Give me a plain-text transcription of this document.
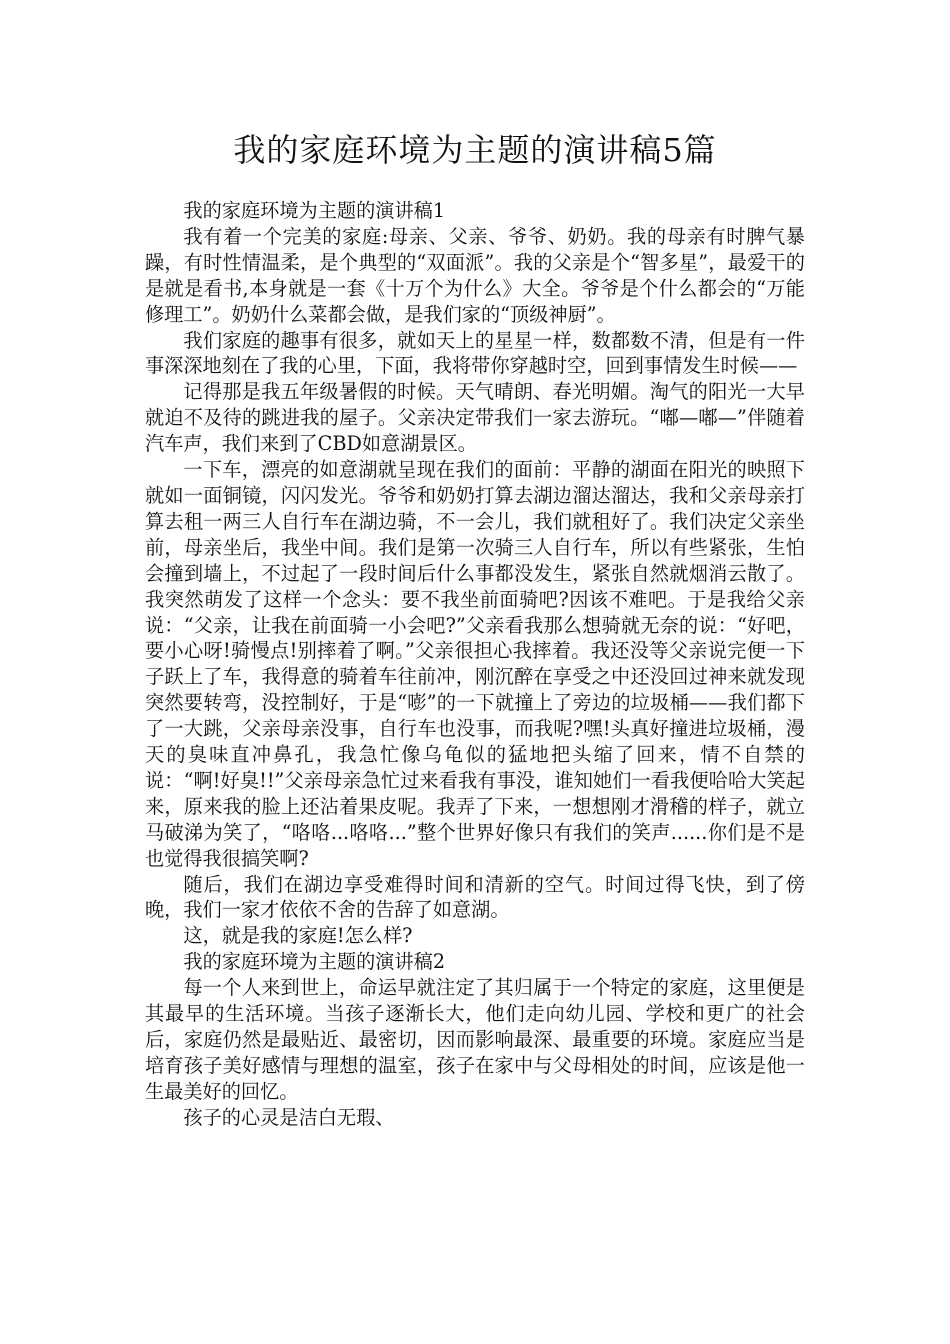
我的家庭环境为主题的演讲稿5篇

我的家庭环境为主题的演讲稿1

我有着一个完美的家庭:母亲、父亲、爷爷、奶奶。我的母亲有时脾气暴躁，有时性情温柔，是个典型的“双面派”。我的父亲是个“智多星”，最爱干的是就是看书,本身就是一套《十万个为什么》大全。爷爷是个什么都会的“万能修理工”。奶奶什么菜都会做，是我们家的“顶级神厨”。

我们家庭的趣事有很多，就如天上的星星一样，数都数不清，但是有一件事深深地刻在了我的心里，下面，我将带你穿越时空，回到事情发生时候——

记得那是我五年级暑假的时候。天气晴朗、春光明媚。淘气的阳光一大早就迫不及待的跳进我的屋子。父亲决定带我们一家去游玩。“嘟—嘟—”伴随着汽车声，我们来到了CBD如意湖景区。

一下车，漂亮的如意湖就呈现在我们的面前：平静的湖面在阳光的映照下就如一面铜镜，闪闪发光。爷爷和奶奶打算去湖边溜达溜达，我和父亲母亲打算去租一两三人自行车在湖边骑，不一会儿，我们就租好了。我们决定父亲坐前，母亲坐后，我坐中间。我们是第一次骑三人自行车，所以有些紧张，生怕会撞到墙上，不过起了一段时间后什么事都没发生，紧张自然就烟消云散了。我突然萌发了这样一个念头：要不我坐前面骑吧?因该不难吧。于是我给父亲说：“父亲，让我在前面骑一小会吧?”父亲看我那么想骑就无奈的说：“好吧，要小心呀!骑慢点!别摔着了啊。”父亲很担心我摔着。我还没等父亲说完便一下子跃上了车，我得意的骑着车往前冲，刚沉醉在享受之中还没回过神来就发现突然要转弯，没控制好，于是“嘭”的一下就撞上了旁边的垃圾桶——我们都下了一大跳，父亲母亲没事，自行车也没事，而我呢?嘿!头真好撞进垃圾桶，漫天的臭味直冲鼻孔，我急忙像乌龟似的猛地把头缩了回来，情不自禁的说：“啊!好臭!!”父亲母亲急忙过来看我有事没，谁知她们一看我便哈哈大笑起来，原来我的脸上还沾着果皮呢。我弄了下来，一想想刚才滑稽的样子，就立马破涕为笑了，“咯咯...咯咯...”整个世界好像只有我们的笑声......你们是不是也觉得我很搞笑啊?

随后，我们在湖边享受难得时间和清新的空气。时间过得飞快，到了傍晚，我们一家才依依不舍的告辞了如意湖。

这，就是我的家庭!怎么样?

我的家庭环境为主题的演讲稿2

每一个人来到世上，命运早就注定了其归属于一个特定的家庭，这里便是其最早的生活环境。当孩子逐渐长大，他们走向幼儿园、学校和更广的社会后，家庭仍然是最贴近、最密切，因而影响最深、最重要的环境。家庭应当是培育孩子美好感情与理想的温室，孩子在家中与父母相处的时间，应该是他一生最美好的回忆。

孩子的心灵是洁白无瑕、
